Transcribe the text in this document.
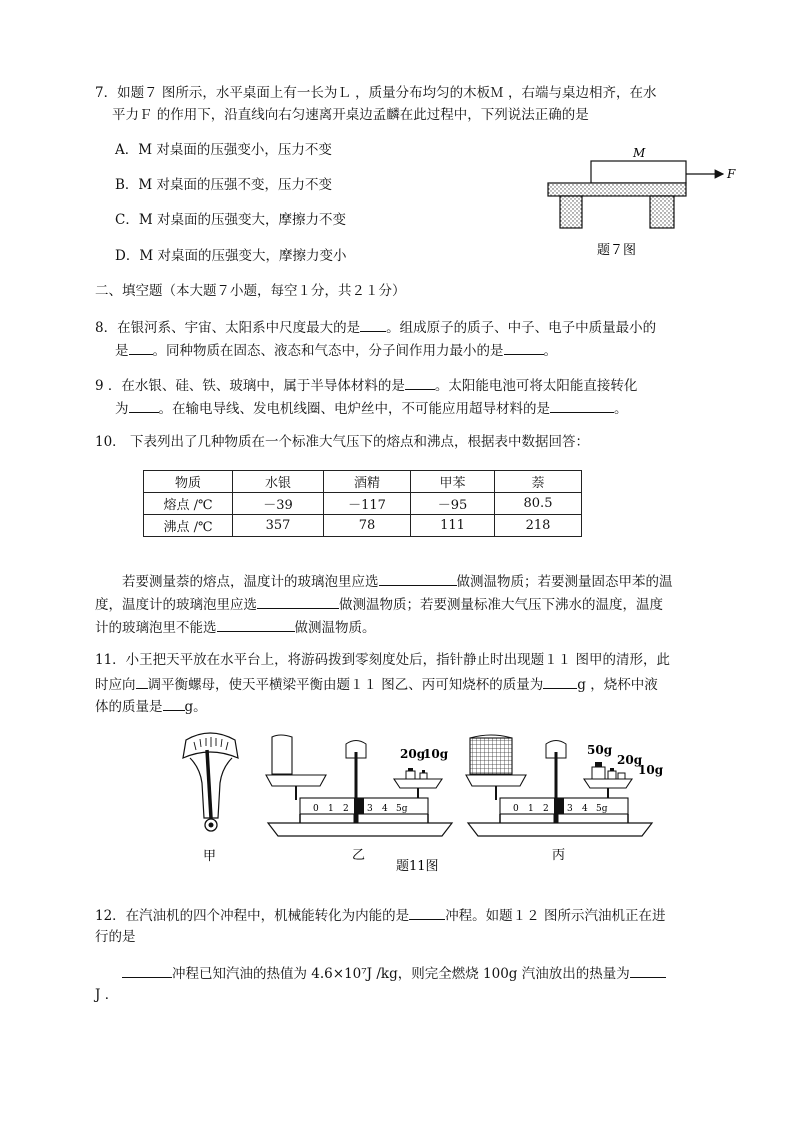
7．如题７ 图所示，水平桌面上有一长为Ｌ ，质量分布均匀的木板Ｍ ，右端与桌边相齐，在水
平力Ｆ 的作用下，沿直线向右匀速离开桌边孟麟在此过程中，下列说法正确的是
A．M 对桌面的压强变小，压力不变
B．M 对桌面的压强不变，压力不变
C．M 对桌面的压强变大，摩擦力不变
D．M 对桌面的压强变大，摩擦力变小
M
F
题７图
二、填空题（本大题７小题，每空１分，共２１分）
8．在银河系、宇宙、太阳系中尺度最大的是 。组成原子的质子、中子、电子中质量最小的
是 。同种物质在固态、液态和气态中，分子间作用力最小的是	。
9 ．在水银、硅、铁、玻璃中，属于半导体材料的是 。太阳能电池可将太阳能直接转化
为 。在输电导线、发电机线圈、电炉丝中，不可能应用超导材料的是	。
10． 下表列出了几种物质在一个标准大气压下的熔点和沸点，根据表中数据回答：
物质	水银	酒精	甲苯	萘
熔点 /℃	－39	－117	－95	80.5
沸点 /℃	357	78	111	218
若要测量萘的熔点，温度计的玻璃泡里应选	做测温物质；若要测量固态甲苯的温
度，温度计的玻璃泡里应选	做测温物质；若要测量标准大气压下沸水的温度，温度
计的玻璃泡里不能选	做测温物质。
11．小王把天平放在水平台上，将游码拨到零刻度处后，指针静止时出现题１１ 图甲的清形，此
时应向 调平衡螺母，使天平横梁平衡由题１１ 图乙、丙可知烧杯的质量为	g ，烧杯中液
体的质量是 g。
甲
20g
10g
0 1 2 3 4 5g
乙
50g
20g
10g
0 1 2 3 4 5g
丙
题11图
12．在汽油机的四个冲程中，机械能转化为内能的是	冲程。如题１２ 图所示汽油机正在进
行的是
冲程已知汽油的热值为 4.6×10⁷J /kg，则完全燃烧 100g 汽油放出的热量为
J ．
